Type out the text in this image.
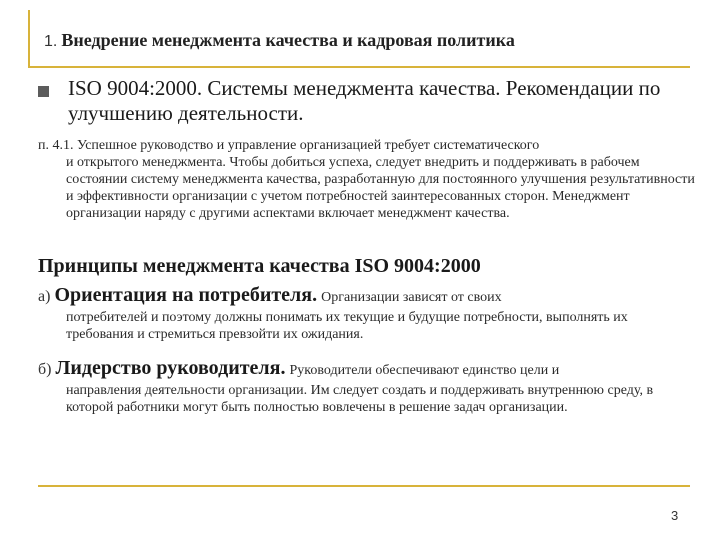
1. Внедрение менеджмента качества и кадровая политика
ISO 9004:2000. Системы менеджмента качества. Рекомендации по улучшению деятельности.
п. 4.1. Успешное руководство и управление организацией требует систематического
и открытого менеджмента. Чтобы добиться успеха, следует внедрить и поддерживать в рабочем состоянии систему менеджмента качества, разработанную для постоянного улучшения результативности и эффективности организации с учетом потребностей заинтересованных сторон. Менеджмент организации наряду с другими аспектами включает менеджмент качества.
Принципы менеджмента качества ISO 9004:2000
а) Ориентация на потребителя. Организации зависят от своих
потребителей и поэтому должны понимать их текущие и будущие потребности, выполнять их требования и стремиться превзойти их ожидания.
б) Лидерство руководителя. Руководители обеспечивают единство цели и
направления деятельности организации. Им следует создать и поддерживать внутреннюю среду, в которой работники могут быть полностью вовлечены в решение задач организации.
3
